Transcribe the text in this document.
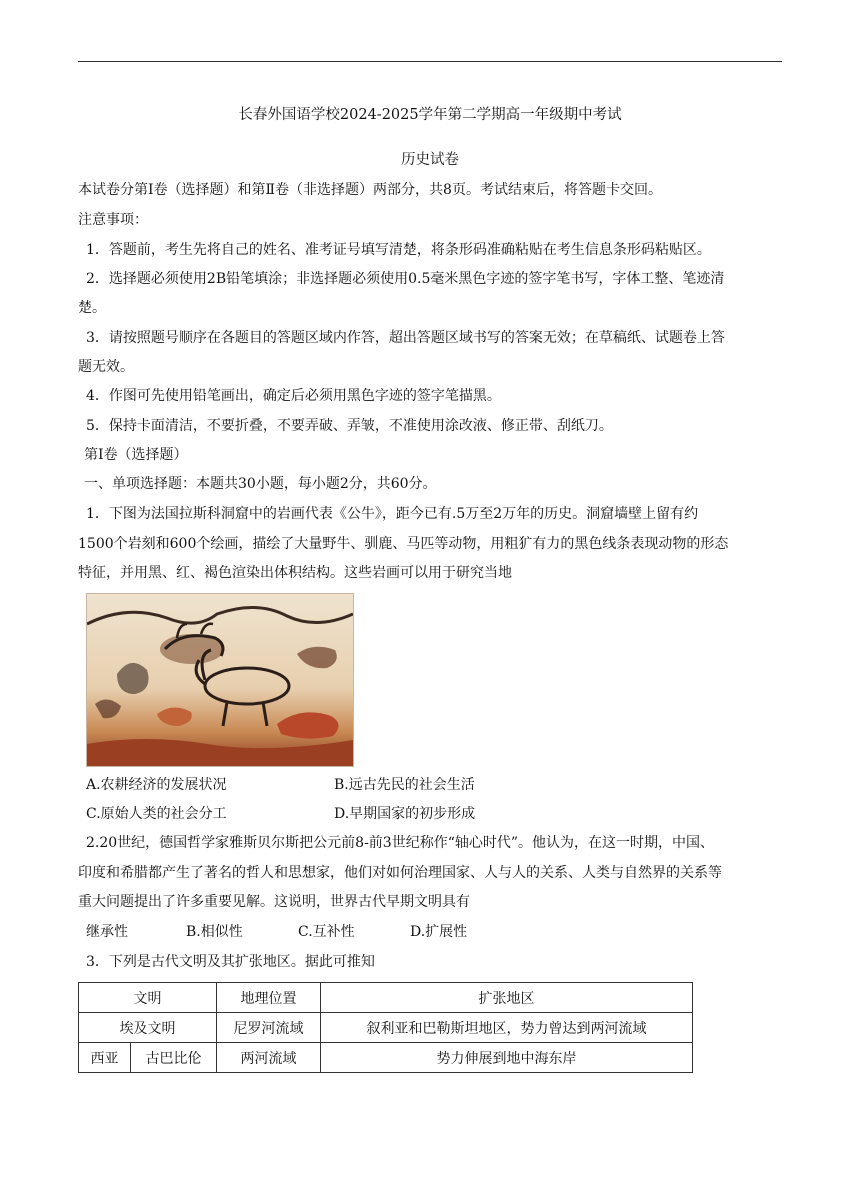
长春外国语学校2024-2025学年第二学期高一年级期中考试
历史试卷
本试卷分第Ⅰ卷（选择题）和第Ⅱ卷（非选择题）两部分，共8页。考试结束后，将答题卡交回。
注意事项：
1．答题前，考生先将自己的姓名、准考证号填写清楚，将条形码准确粘贴在考生信息条形码粘贴区。
2．选择题必须使用2B铅笔填涂；非选择题必须使用0.5毫米黑色字迹的签字笔书写，字体工整、笔迹清
楚。
3．请按照题号顺序在各题目的答题区域内作答，超出答题区域书写的答案无效；在草稿纸、试题卷上答
题无效。
4．作图可先使用铅笔画出，确定后必须用黑色字迹的签字笔描黑。
5．保持卡面清洁，不要折叠，不要弄破、弄皱，不准使用涂改液、修正带、刮纸刀。
第Ⅰ卷（选择题）
一、单项选择题：本题共30小题，每小题2分，共60分。
1．下图为法国拉斯科洞窟中的岩画代表《公牛》，距今已有.5万至2万年的历史。洞窟墙壁上留有约
1500个岩刻和600个绘画，描绘了大量野牛、驯鹿、马匹等动物，用粗犷有力的黑色线条表现动物的形态
特征，并用黑、红、褐色渲染出体积结构。这些岩画可以用于研究当地
A.农耕经济的发展状况	B.远古先民的社会生活
C.原始人类的社会分工	D.早期国家的初步形成
2.20世纪，德国哲学家雅斯贝尔斯把公元前8-前3世纪称作“轴心时代”。他认为，在这一时期，中国、
印度和希腊都产生了著名的哲人和思想家，他们对如何治理国家、人与人的关系、人类与自然界的关系等
重大问题提出了许多重要见解。这说明，世界古代早期文明具有
继承性	B.相似性	C.互补性	D.扩展性
3．下列是古代文明及其扩张地区。据此可推知
文明		地理位置	扩张地区
埃及文明		尼罗河流域	叙利亚和巴勒斯坦地区，势力曾达到两河流域
西亚	古巴比伦	两河流域	势力伸展到地中海东岸
